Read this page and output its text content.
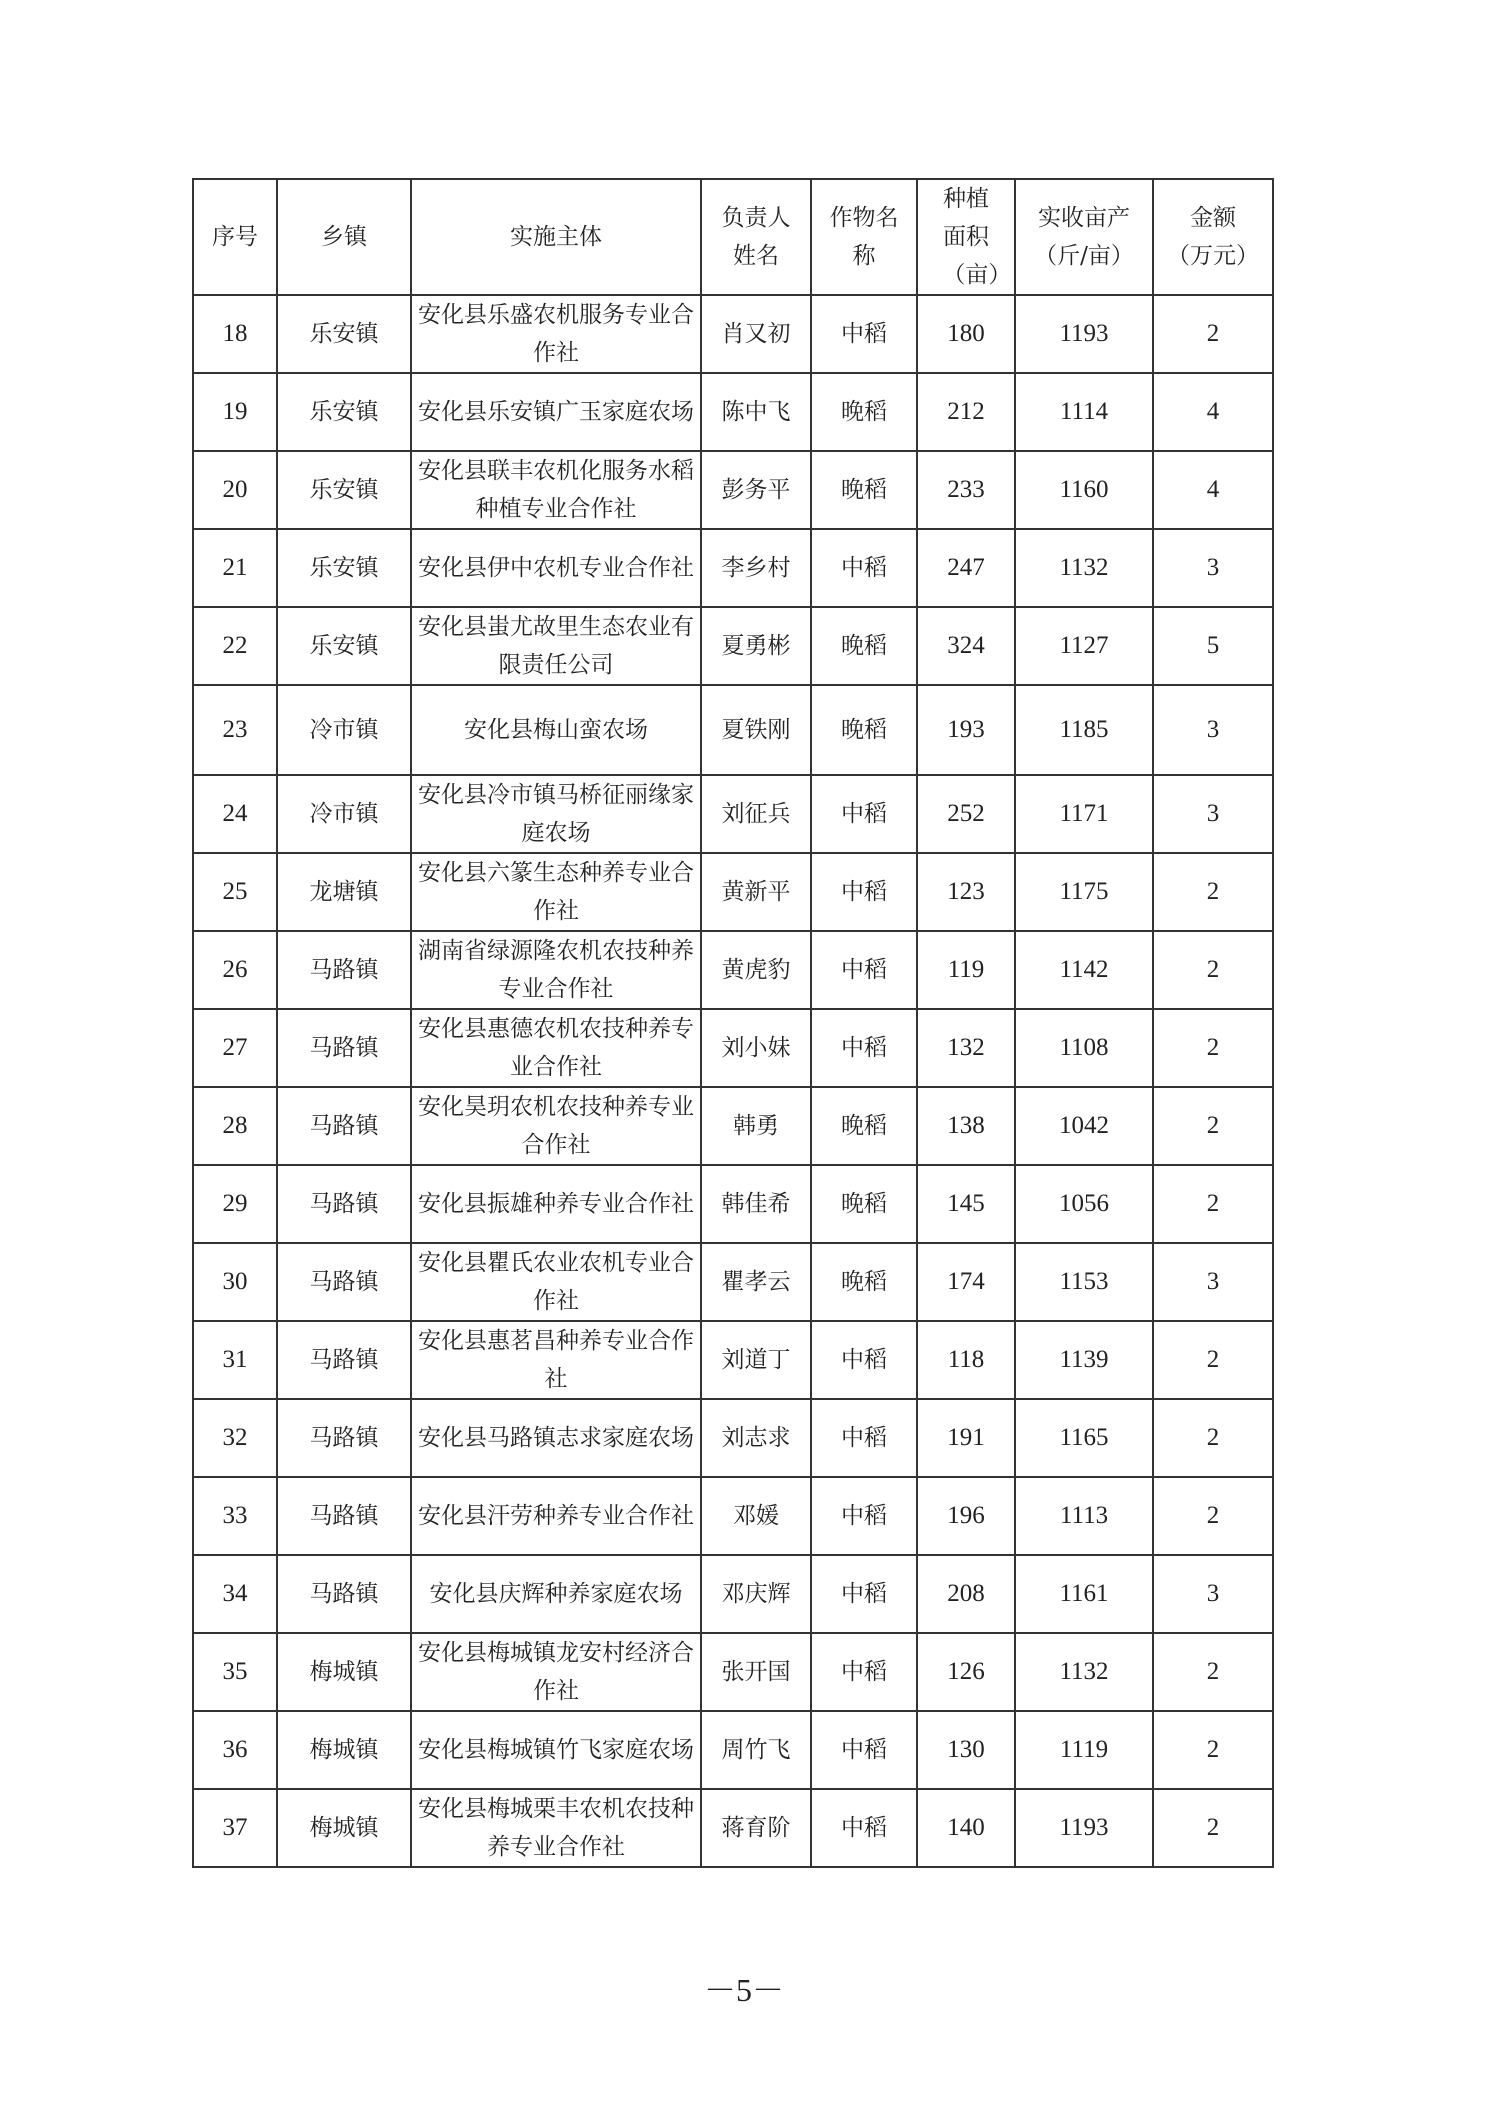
序号	乡镇	实施主体	负责人姓名	作物名称	种植面积（亩）	实收亩产（斤/亩）	金额（万元）
18	乐安镇	安化县乐盛农机服务专业合作社	肖又初	中稻	180	1193	2
19	乐安镇	安化县乐安镇广玉家庭农场	陈中飞	晚稻	212	1114	4
20	乐安镇	安化县联丰农机化服务水稻种植专业合作社	彭务平	晚稻	233	1160	4
21	乐安镇	安化县伊中农机专业合作社	李乡村	中稻	247	1132	3
22	乐安镇	安化县蚩尤故里生态农业有限责任公司	夏勇彬	晚稻	324	1127	5
23	冷市镇	安化县梅山蛮农场	夏铁刚	晚稻	193	1185	3
24	冷市镇	安化县冷市镇马桥征丽缘家庭农场	刘征兵	中稻	252	1171	3
25	龙塘镇	安化县六篆生态种养专业合作社	黄新平	中稻	123	1175	2
26	马路镇	湖南省绿源隆农机农技种养专业合作社	黄虎豹	中稻	119	1142	2
27	马路镇	安化县惠德农机农技种养专业合作社	刘小妹	中稻	132	1108	2
28	马路镇	安化昊玥农机农技种养专业合作社	韩勇	晚稻	138	1042	2
29	马路镇	安化县振雄种养专业合作社	韩佳希	晚稻	145	1056	2
30	马路镇	安化县瞿氏农业农机专业合作社	瞿孝云	晚稻	174	1153	3
31	马路镇	安化县惠茗昌种养专业合作社	刘道丁	中稻	118	1139	2
32	马路镇	安化县马路镇志求家庭农场	刘志求	中稻	191	1165	2
33	马路镇	安化县汗劳种养专业合作社	邓媛	中稻	196	1113	2
34	马路镇	安化县庆辉种养家庭农场	邓庆辉	中稻	208	1161	3
35	梅城镇	安化县梅城镇龙安村经济合作社	张开国	中稻	126	1132	2
36	梅城镇	安化县梅城镇竹飞家庭农场	周竹飞	中稻	130	1119	2
37	梅城镇	安化县梅城栗丰农机农技种养专业合作社	蒋育阶	中稻	140	1193	2
－5－
